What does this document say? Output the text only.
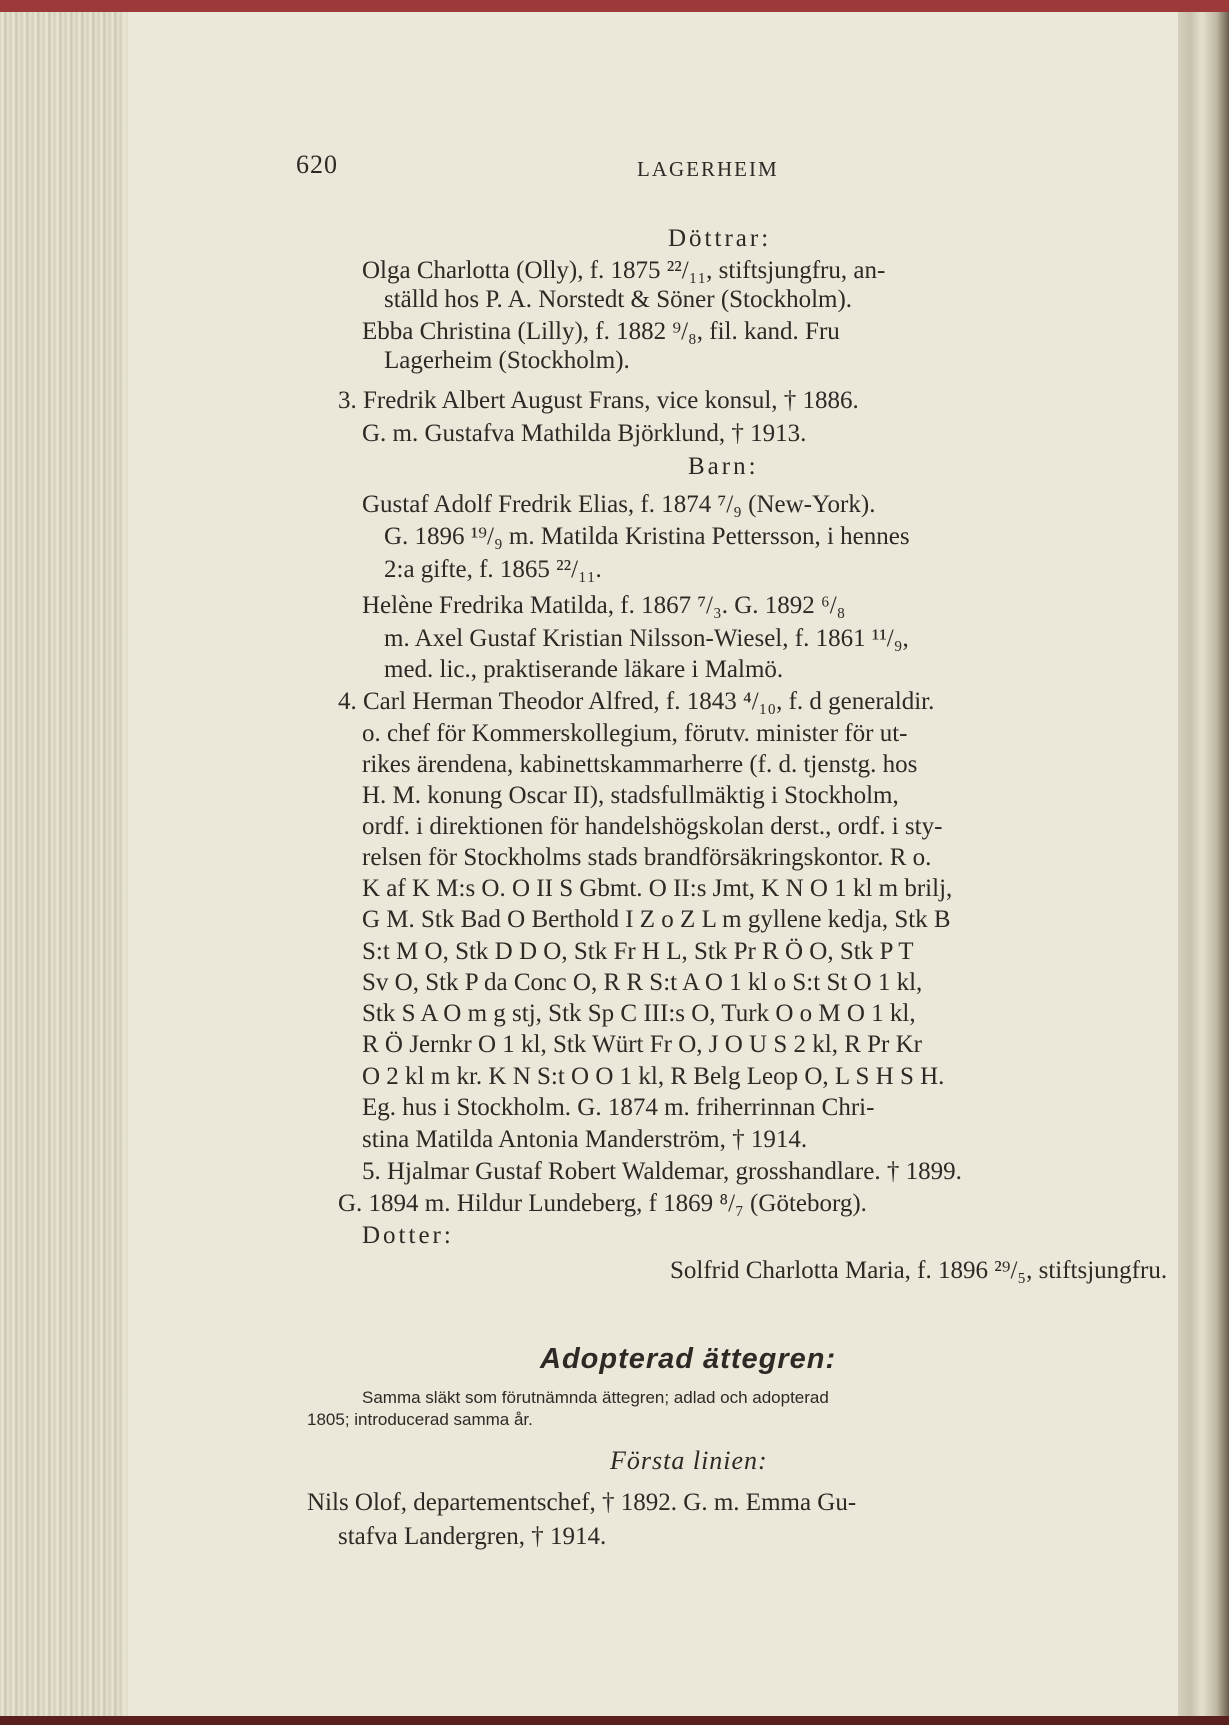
620	LAGERHEIM
Döttrar:
Olga Charlotta (Olly), f. 1875 ²²/₁₁, stiftsjungfru, an-
ställd hos P. A. Norstedt & Söner (Stockholm).
Ebba Christina (Lilly), f. 1882 ⁹/₈, fil. kand. Fru
Lagerheim (Stockholm).
3. Fredrik Albert August Frans, vice konsul, † 1886.
G. m. Gustafva Mathilda Björklund, † 1913.
Barn:
Gustaf Adolf Fredrik Elias, f. 1874 ⁷/₉ (New-York).
G. 1896 ¹⁹/₉ m. Matilda Kristina Pettersson, i hennes
2:a gifte, f. 1865 ²²/₁₁.
Helène Fredrika Matilda, f. 1867 ⁷/₃. G. 1892 ⁶/₈
m. Axel Gustaf Kristian Nilsson-Wiesel, f. 1861 ¹¹/₉,
med. lic., praktiserande läkare i Malmö.
4. Carl Herman Theodor Alfred, f. 1843 ⁴/₁₀, f. d generaldir.
o. chef för Kommerskollegium, förutv. minister för ut-
rikes ärendena, kabinettskammarherre (f. d. tjenstg. hos
H. M. konung Oscar II), stadsfullmäktig i Stockholm,
ordf. i direktionen för handelshögskolan derst., ordf. i sty-
relsen för Stockholms stads brandförsäkringskontor. R o.
K af K M:s O. O II S Gbmt. O II:s Jmt, K N O 1 kl m brilj,
G M. Stk Bad O Berthold I Z o Z L m gyllene kedja, Stk B
S:t M O, Stk D D O, Stk Fr H L, Stk Pr R Ö O, Stk P T
Sv O, Stk P da Conc O, R R S:t A O 1 kl o S:t St O 1 kl,
Stk S A O m g stj, Stk Sp C III:s O, Turk O o M O 1 kl,
R Ö Jernkr O 1 kl, Stk Würt Fr O, J O U S 2 kl, R Pr Kr
O 2 kl m kr. K N S:t O O 1 kl, R Belg Leop O, L S H S H.
Eg. hus i Stockholm. G. 1874 m. friherrinnan Chri-
stina Matilda Antonia Manderström, † 1914.
5. Hjalmar Gustaf Robert Waldemar, grosshandlare. † 1899.
G. 1894 m. Hildur Lundeberg, f 1869 ⁸/₇ (Göteborg).
Dotter:
Solfrid Charlotta Maria, f. 1896 ²⁹/₅, stiftsjungfru.
Adopterad ättegren:
Samma släkt som förutnämnda ättegren; adlad och adopterad
1805; introducerad samma år.
Första linien:
Nils Olof, departementschef, † 1892. G. m. Emma Gu-
stafva Landergren, † 1914.
